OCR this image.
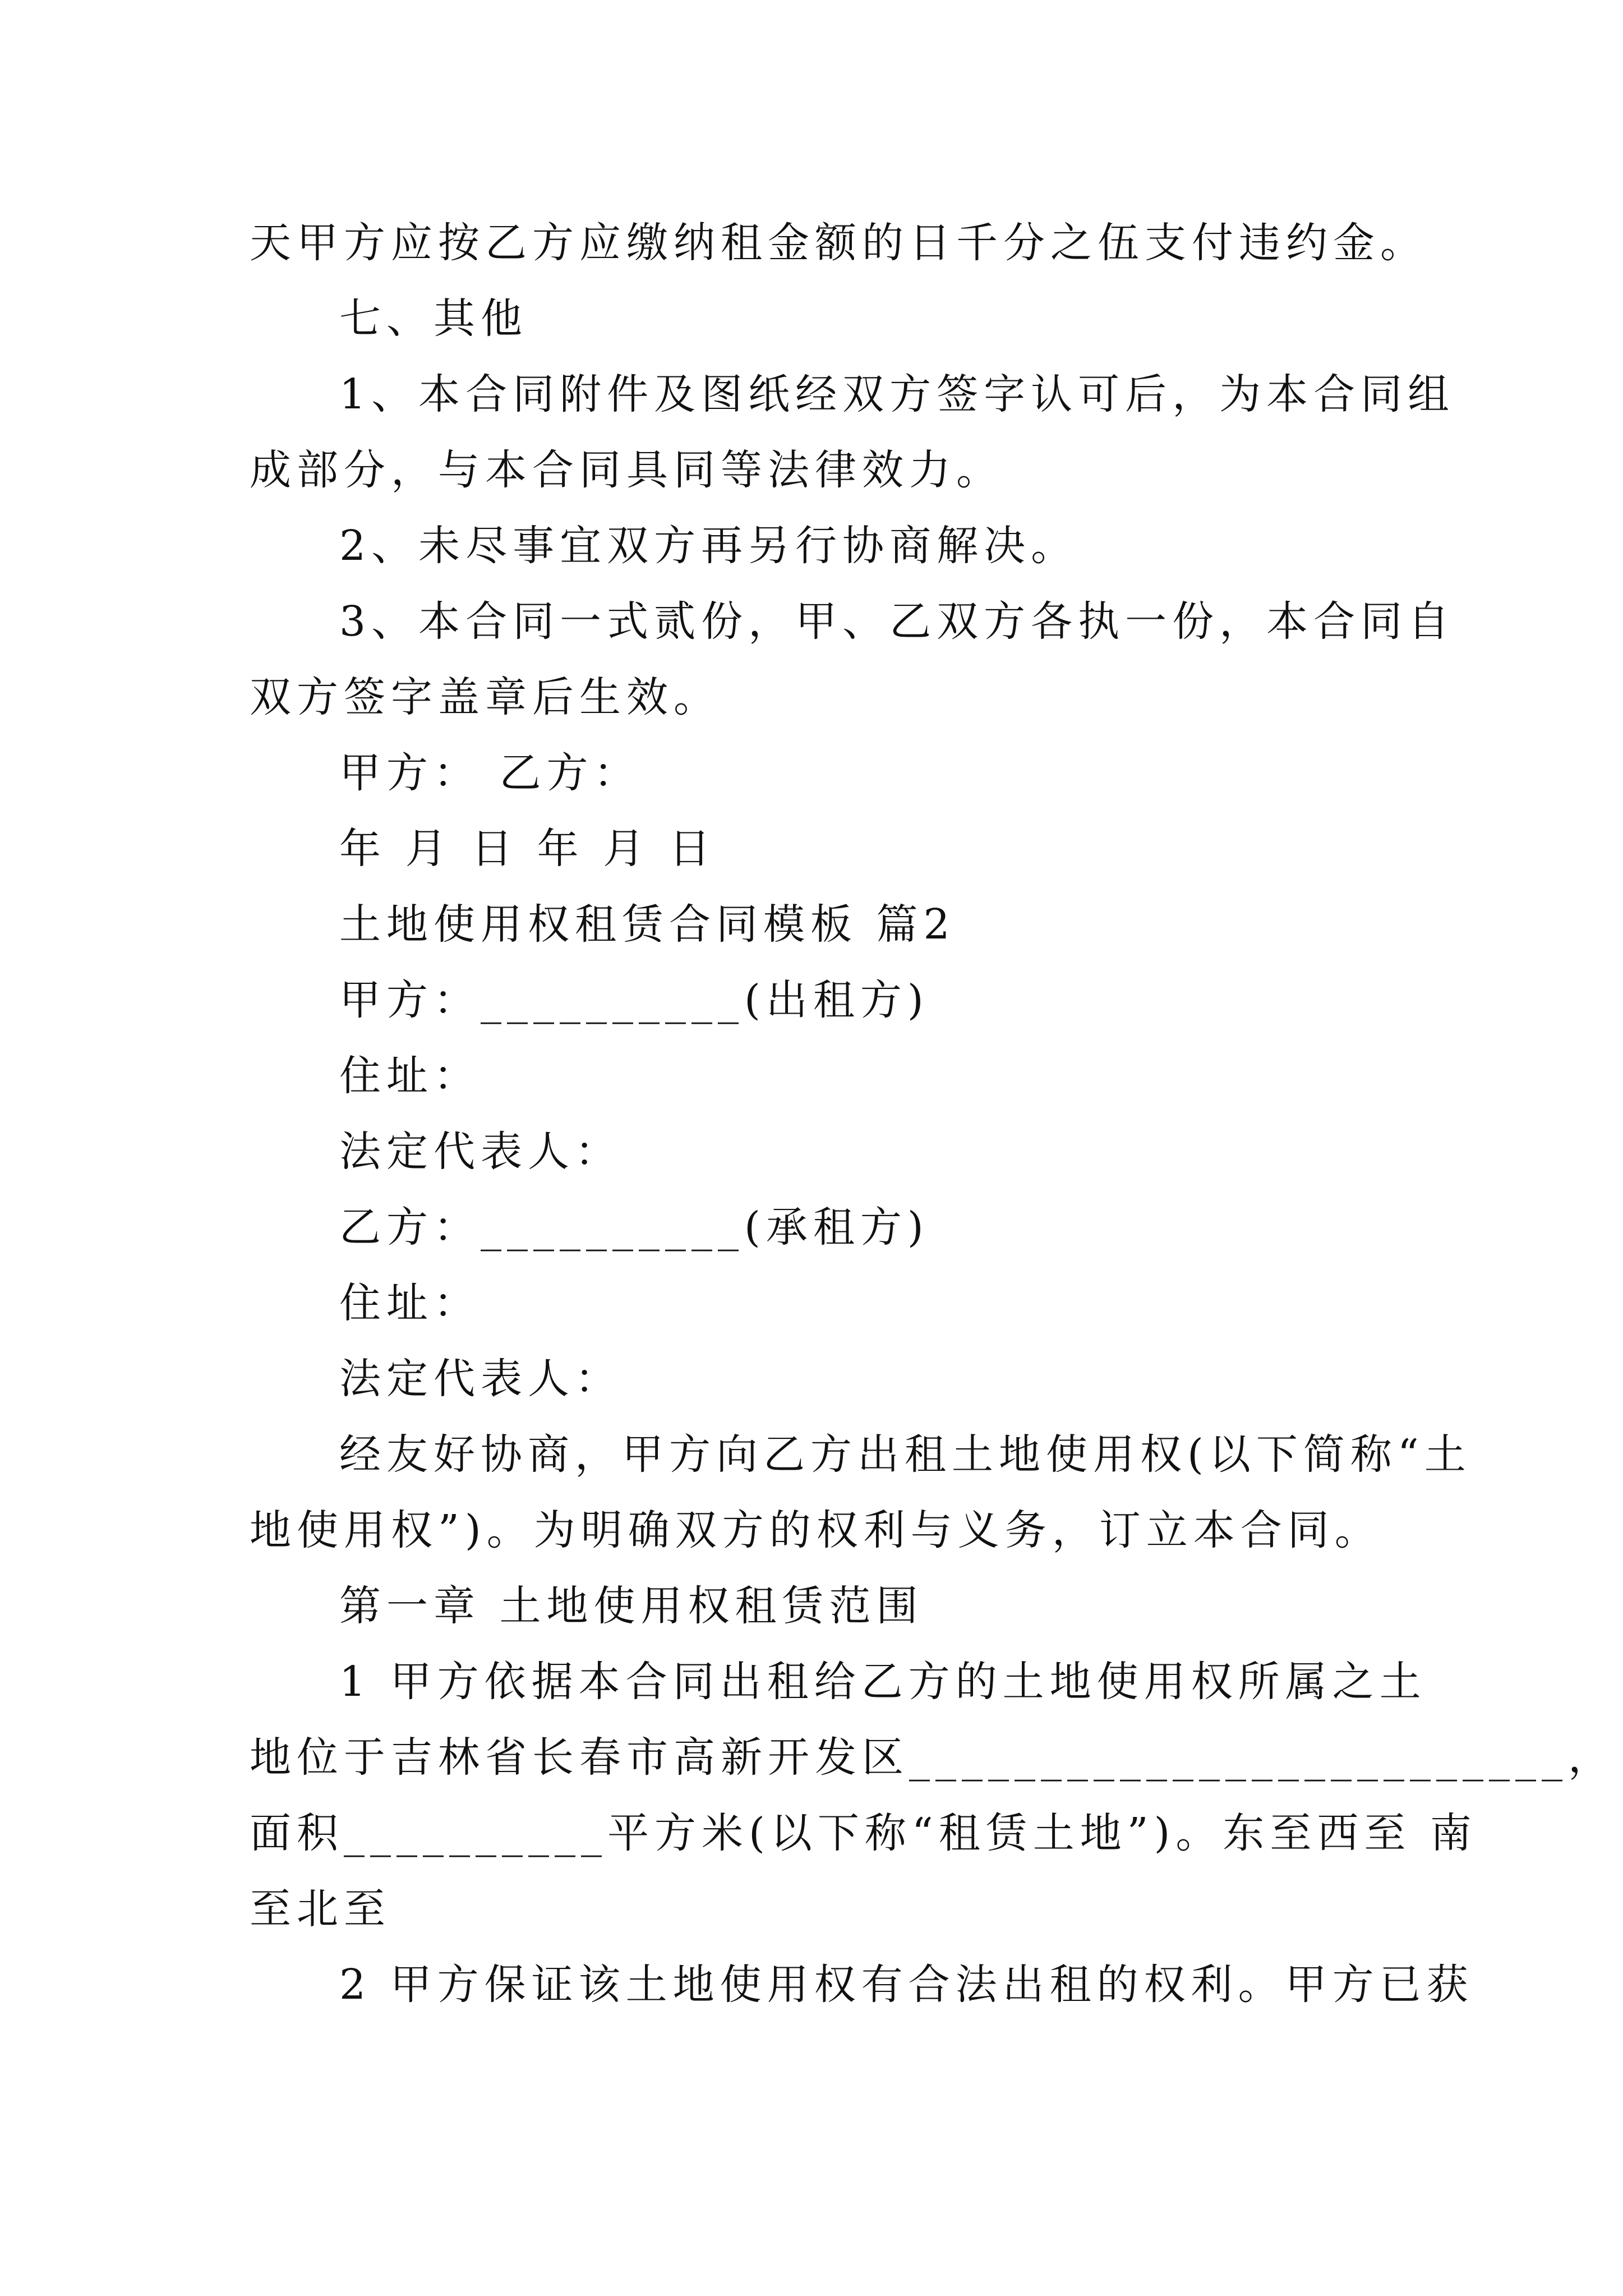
天甲方应按乙方应缴纳租金额的日千分之伍支付违约金。
七、其他
1、本合同附件及图纸经双方签字认可后，为本合同组
成部分，与本合同具同等法律效力。
2、未尽事宜双方再另行协商解决。
3、本合同一式贰份，甲、乙双方各执一份，本合同自
双方签字盖章后生效。
甲方： 乙方：
年 月 日 年 月 日
土地使用权租赁合同模板 篇2
甲方：__________(出租方)
住址：
法定代表人：
乙方：__________(承租方)
住址：
法定代表人：
经友好协商，甲方向乙方出租土地使用权(以下简称“土
地使用权”)。为明确双方的权利与义务，订立本合同。
第一章 土地使用权租赁范围
1 甲方依据本合同出租给乙方的土地使用权所属之土
地位于吉林省长春市高新开发区_________________________，
面积__________平方米(以下称“租赁土地”)。东至西至 南
至北至
2 甲方保证该土地使用权有合法出租的权利。甲方已获
